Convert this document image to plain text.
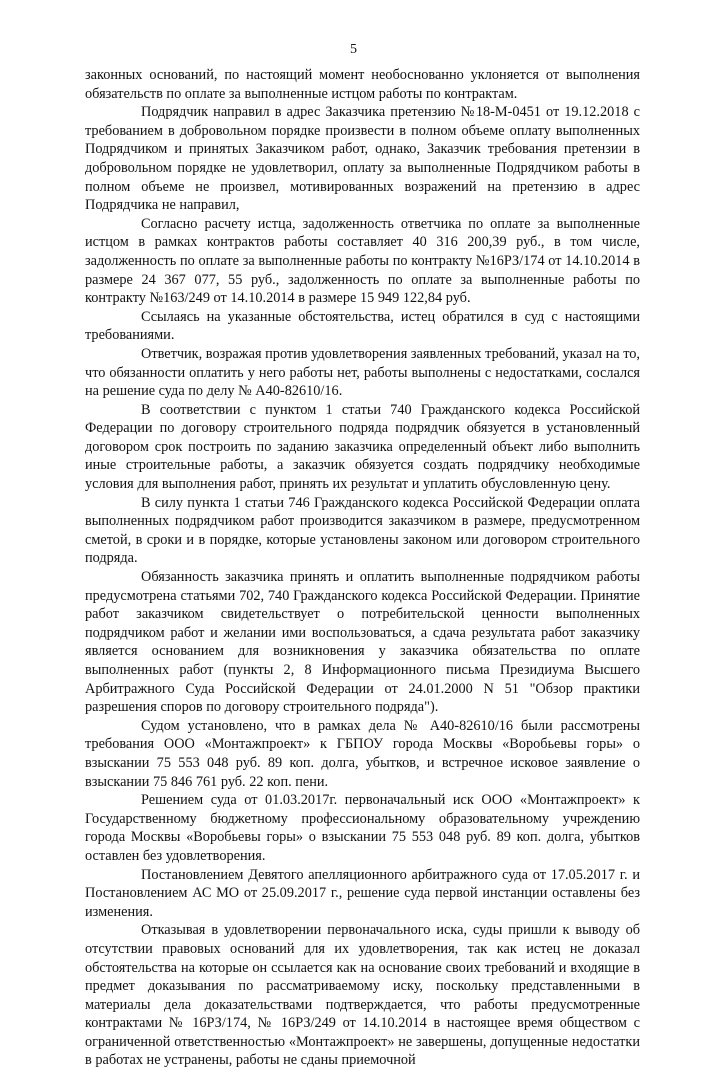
5

законных оснований, по настоящий момент необоснованно уклоняется от выполнения обязательств по оплате за выполненные истцом работы по контрактам.

Подрядчик направил в адрес Заказчика претензию №18-М-0451 от 19.12.2018 с требованием в добровольном порядке произвести в полном объеме оплату выполненных Подрядчиком и принятых Заказчиком работ, однако, Заказчик требования претензии в добровольном порядке не удовлетворил, оплату за выполненные Подрядчиком работы в полном объеме не произвел, мотивированных возражений на претензию в адрес Подрядчика не направил,

Согласно расчету истца, задолженность ответчика по оплате за выполненные истцом в рамках контрактов работы составляет 40 316 200,39 руб., в том числе, задолженность по оплате за выполненные работы по контракту №16РЗ/174 от 14.10.2014 в размере 24 367 077, 55 руб., задолженность по оплате за выполненные работы по контракту №163/249 от 14.10.2014 в размере 15 949 122,84 руб.

Ссылаясь на указанные обстоятельства, истец обратился в суд с настоящими требованиями.

Ответчик, возражая против удовлетворения заявленных требований, указал на то, что обязанности оплатить у него работы нет, работы выполнены с недостатками, сослался на решение суда по делу № А40-82610/16.

В соответствии с пунктом 1 статьи 740 Гражданского кодекса Российской Федерации по договору строительного подряда подрядчик обязуется в установленный договором срок построить по заданию заказчика определенный объект либо выполнить иные строительные работы, а заказчик обязуется создать подрядчику необходимые условия для выполнения работ, принять их результат и уплатить обусловленную цену.

В силу пункта 1 статьи 746 Гражданского кодекса Российской Федерации оплата выполненных подрядчиком работ производится заказчиком в размере, предусмотренном сметой, в сроки и в порядке, которые установлены законом или договором строительного подряда.

Обязанность заказчика принять и оплатить выполненные подрядчиком работы предусмотрена статьями 702, 740 Гражданского кодекса Российской Федерации. Принятие работ заказчиком свидетельствует о потребительской ценности выполненных подрядчиком работ и желании ими воспользоваться, а сдача результата работ заказчику является основанием для возникновения у заказчика обязательства по оплате выполненных работ (пункты 2, 8 Информационного письма Президиума Высшего Арбитражного Суда Российской Федерации от 24.01.2000 N 51 "Обзор практики разрешения споров по договору строительного подряда").

Судом установлено, что в рамках дела № А40-82610/16 были рассмотрены требования ООО «Монтажпроект» к ГБПОУ города Москвы «Воробьевы горы» о взыскании 75 553 048 руб. 89 коп. долга, убытков, и встречное исковое заявление о взыскании 75 846 761 руб. 22 коп. пени.

Решением суда от 01.03.2017г. первоначальный иск ООО «Монтажпроект» к Государственному бюджетному профессиональному образовательному учреждению города Москвы «Воробьевы горы» о взыскании 75 553 048 руб. 89 коп. долга, убытков оставлен без удовлетворения.

Постановлением Девятого апелляционного арбитражного суда от 17.05.2017 г. и Постановлением АС МО от 25.09.2017 г., решение суда первой инстанции оставлены без изменения.

Отказывая в удовлетворении первоначального иска, суды пришли к выводу об отсутствии правовых оснований для их удовлетворения, так как истец не доказал обстоятельства на которые он ссылается как на основание своих требований и входящие в предмет доказывания по рассматриваемому иску, поскольку представленными в материалы дела доказательствами подтверждается, что работы предусмотренные контрактами № 16РЗ/174, № 16РЗ/249 от 14.10.2014 в настоящее время обществом с ограниченной ответственностью «Монтажпроект» не завершены, допущенные недостатки в работах не устранены, работы не сданы приемочной
